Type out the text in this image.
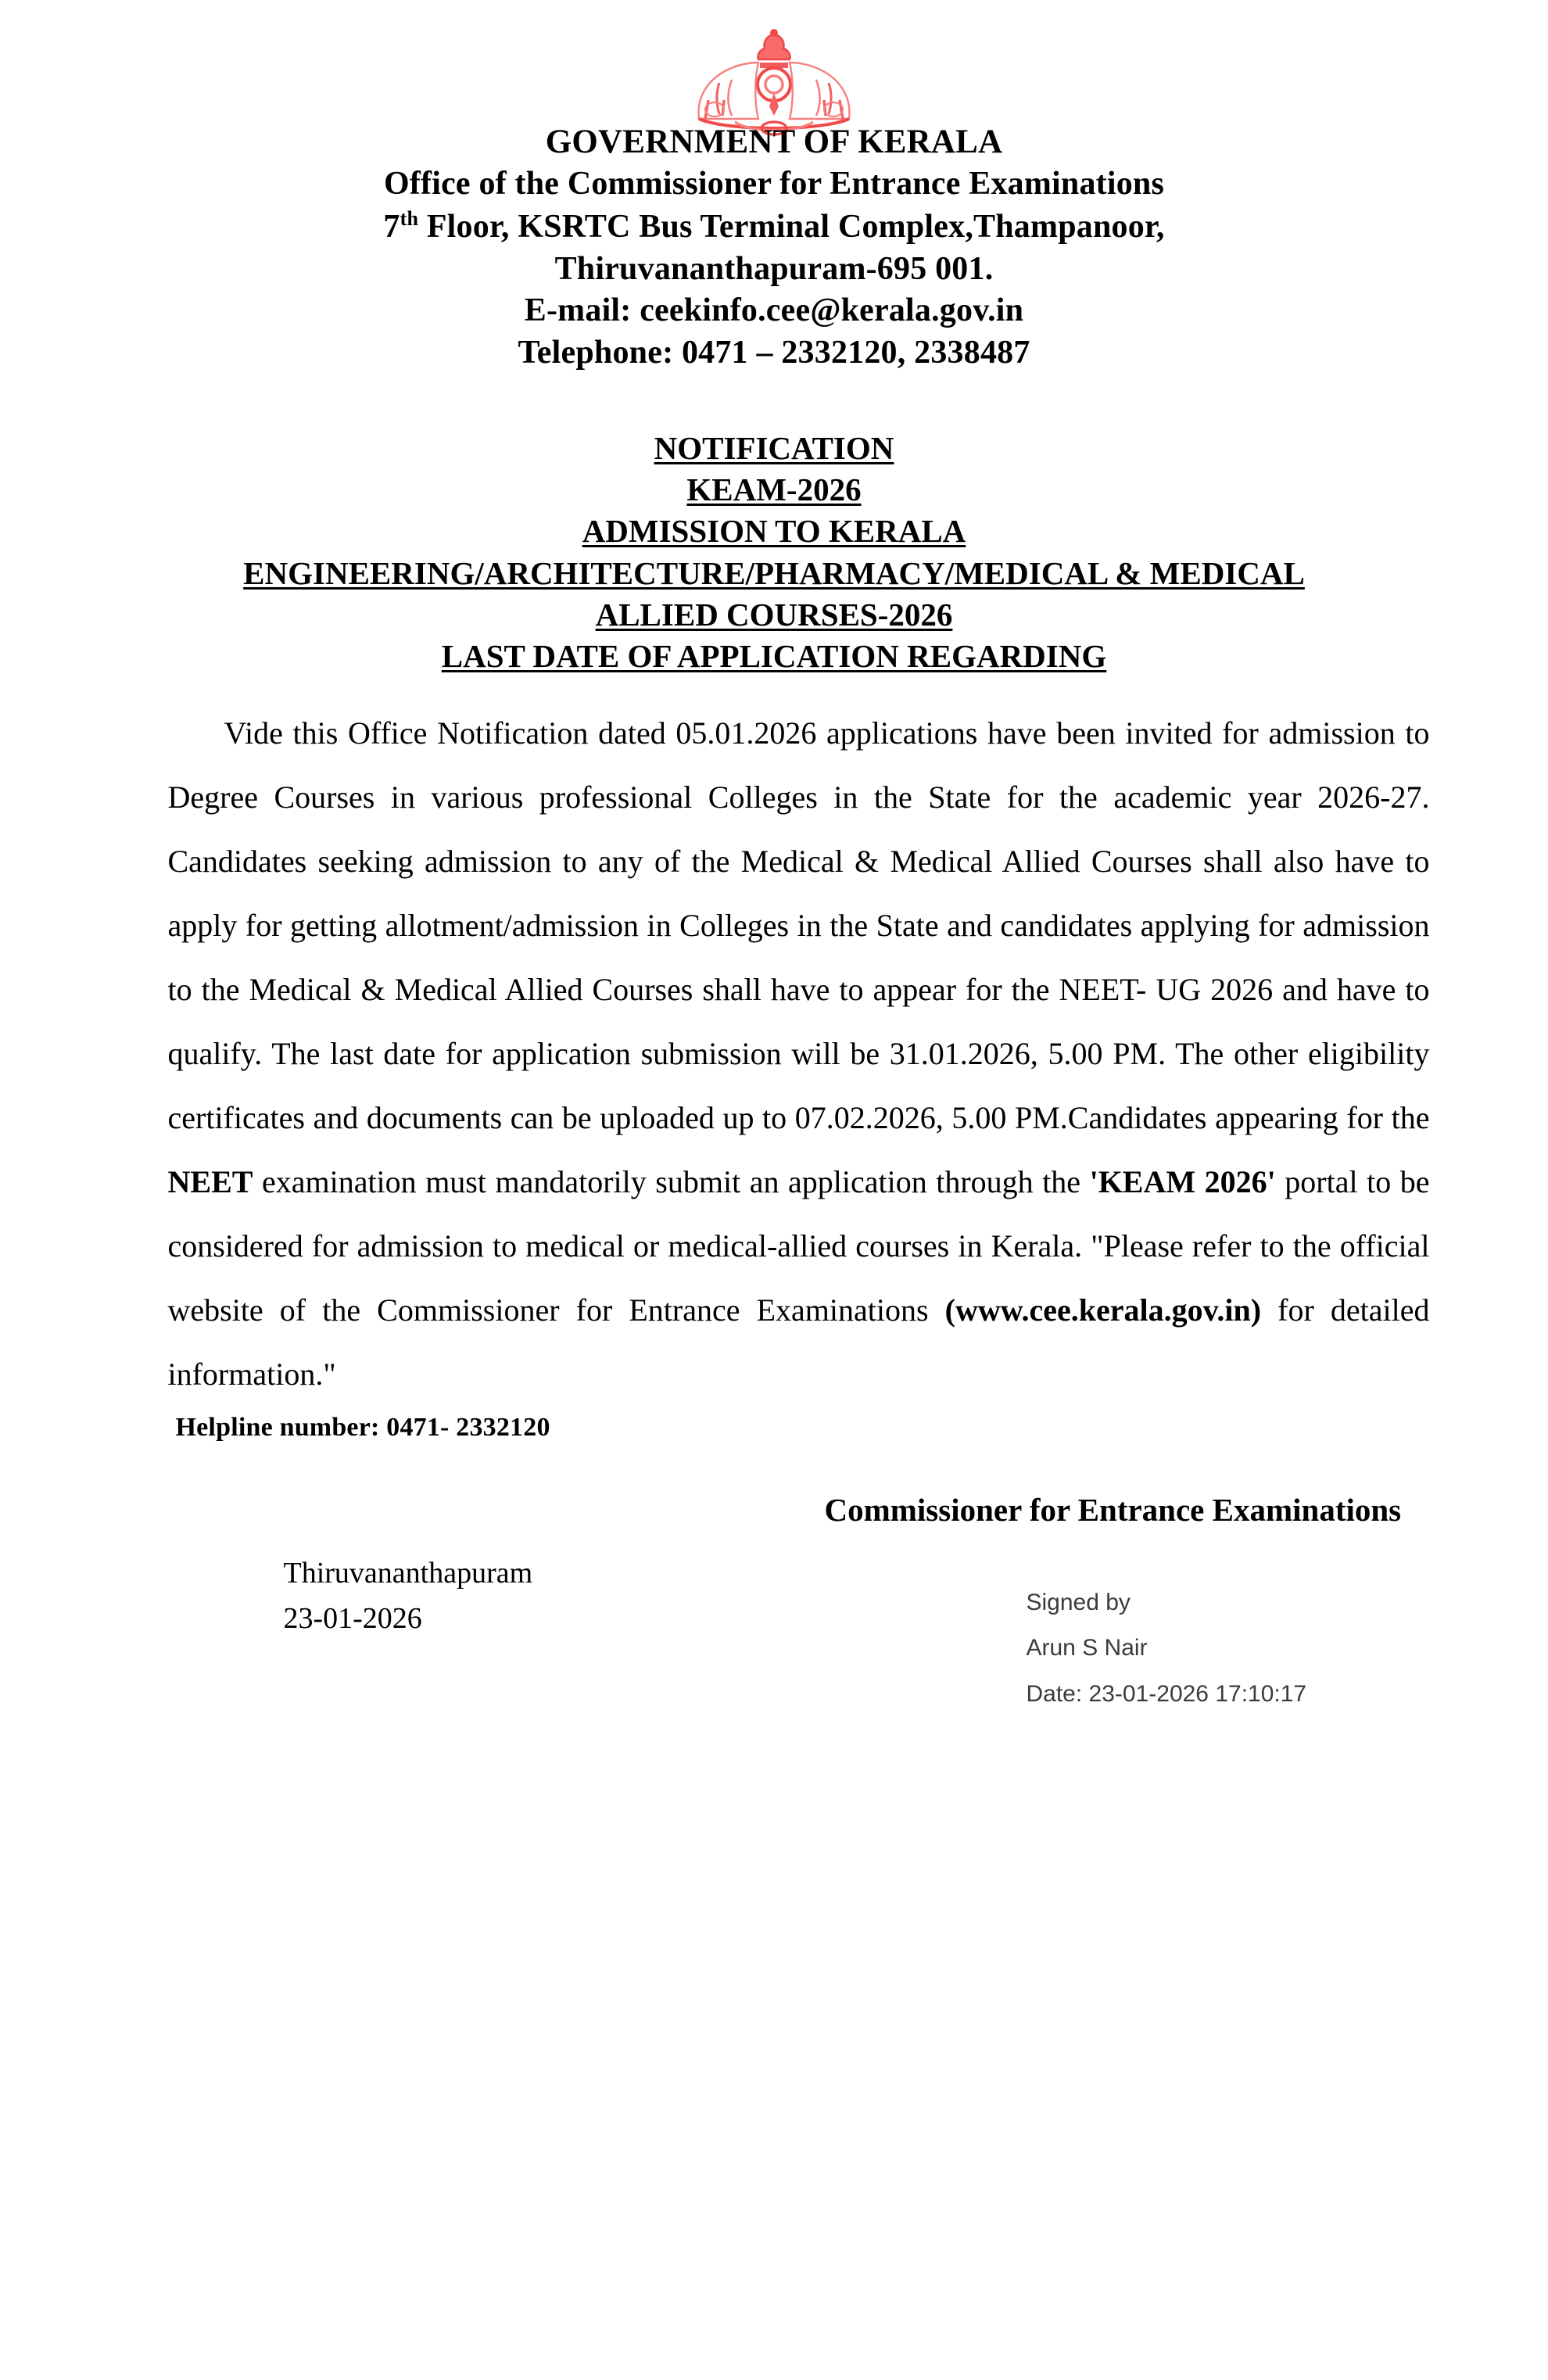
GOVERNMENT OF KERALA
Office of the Commissioner for Entrance Examinations
7th Floor, KSRTC Bus Terminal Complex,Thampanoor,
Thiruvananthapuram-695 001.
E-mail: ceekinfo.cee@kerala.gov.in
Telephone: 0471 – 2332120, 2338487
NOTIFICATION
KEAM-2026
ADMISSION TO KERALA
ENGINEERING/ARCHITECTURE/PHARMACY/MEDICAL & MEDICAL
ALLIED COURSES-2026
LAST DATE OF APPLICATION REGARDING

Vide this Office Notification dated 05.01.2026 applications have been invited for admission to Degree Courses in various professional Colleges in the State for the academic year 2026-27. Candidates seeking admission to any of the Medical & Medical Allied Courses shall also have to apply for getting allotment/admission in Colleges in the State and candidates applying for admission to the Medical & Medical Allied Courses shall have to appear for the NEET- UG 2026 and have to qualify. The last date for application submission will be 31.01.2026, 5.00 PM. The other eligibility certificates and documents can be uploaded up to 07.02.2026, 5.00 PM.Candidates appearing for the NEET examination must mandatorily submit an application through the 'KEAM 2026' portal to be considered for admission to medical or medical-allied courses in Kerala. "Please refer to the official website of the Commissioner for Entrance Examinations (www.cee.kerala.gov.in) for detailed information."

Helpline number: 0471- 2332120
Commissioner for Entrance Examinations
Thiruvananthapuram
23-01-2026
Signed by
Arun S Nair
Date: 23-01-2026 17:10:17
